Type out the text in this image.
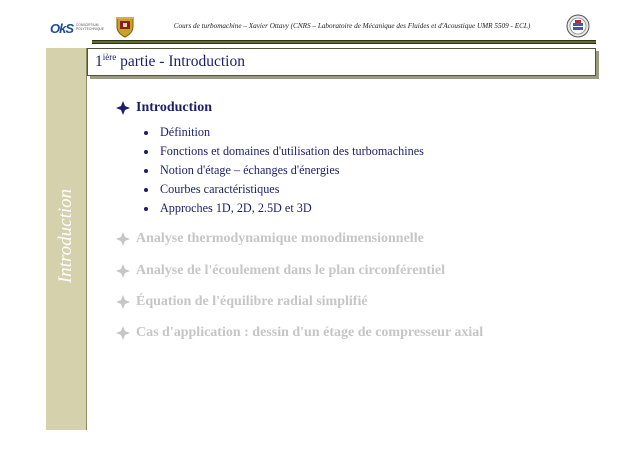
OkS CONSORTIUM POLYTECHNIQUE	Cours de turbomachine – Xavier Ottavy (CNRS – Laboratoire de Mécanique des Fluides et d'Acoustique UMR 5509 - ECL)
Introduction
$1^{ière}$ partie - Introduction
Introduction
Définition
Fonctions et domaines d'utilisation des turbomachines
Notion d'étage – échanges d'énergies
Courbes caractéristiques
Approches 1D, 2D, 2.5D et 3D
Analyse thermodynamique monodimensionnelle
Analyse de l'écoulement dans le plan circonférentiel
Équation de l'équilibre radial simplifié
Cas d'application : dessin d'un étage de compresseur axial
